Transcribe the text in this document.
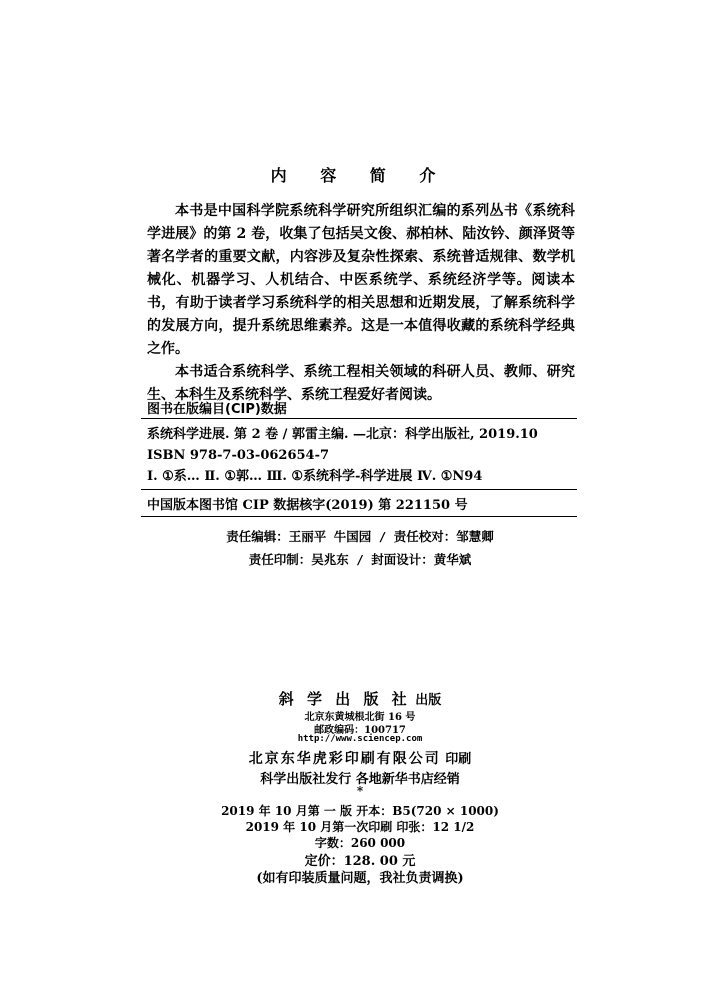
内 容 简 介

本书是中国科学院系统科学研究所组织汇编的系列丛书《系统科学进展》的第 2 卷，收集了包括吴文俊、郝柏林、陆汝钤、颜泽贤等著名学者的重要文献，内容涉及复杂性探索、系统普适规律、数学机械化、机器学习、人机结合、中医系统学、系统经济学等。阅读本书，有助于读者学习系统科学的相关思想和近期发展，了解系统科学的发展方向，提升系统思维素养。这是一本值得收藏的系统科学经典之作。

本书适合系统科学、系统工程相关领域的科研人员、教师、研究生、本科生及系统科学、系统工程爱好者阅读。

图书在版编目(CIP)数据
系统科学进展. 第 2 卷 / 郭雷主编. —北京：科学出版社, 2019.10
ISBN 978-7-03-062654-7
Ⅰ. ①系… Ⅱ. ①郭… Ⅲ. ①系统科学-科学进展 Ⅳ. ①N94
中国版本图书馆 CIP 数据核字(2019) 第 221150 号
责任编辑：王丽平 牛国园 / 责任校对：邹慧卿
责任印制：吴兆东 / 封面设计：黄华斌
斜 学 出 版 社 出版
北京东黄城根北街 16 号
邮政编码：100717
http://www.sciencep.com
北京东华虎彩印刷有限公司 印刷
科学出版社发行 各地新华书店经销
*
2019 年 10 月第 一 版 开本：B5(720 × 1000)
2019 年 10 月第一次印刷 印张：12 1/2
字数：260 000
定价：128. 00 元
(如有印装质量问题，我社负责调换)
